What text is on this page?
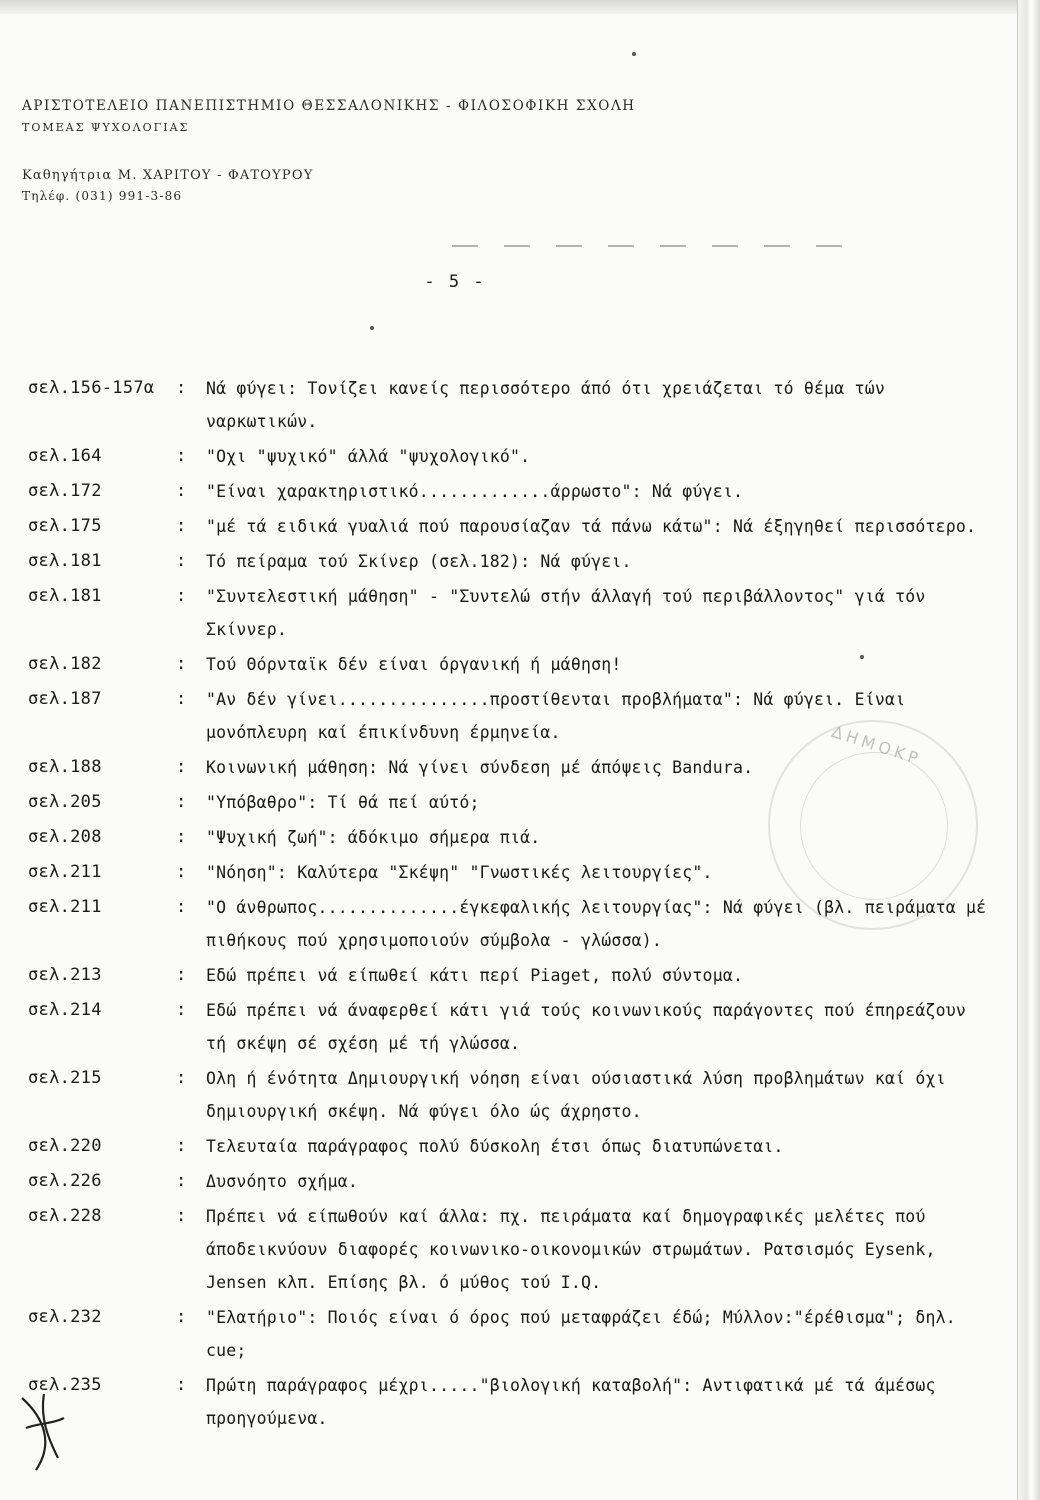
ΑΡΙΣΤΟΤΕΛΕΙΟ ΠΑΝΕΠΙΣΤΗΜΙΟ ΘΕΣΣΑΛΟΝΙΚΗΣ - ΦΙΛΟΣΟΦΙΚΗ ΣΧΟΛΗ
ΤΟΜΕΑΣ ΨΥΧΟΛΟΓΙΑΣ
Καθηγήτρια Μ. ΧΑΡΙΤΟΥ - ΦΑΤΟΥΡΟΥ
Τηλέφ. (031) 991-3-86
- 5 -
ΔΗΜΟΚΡ
σελ.156-157α	:	Νά φύγει: Τονίζει κανείς περισσότερο άπό ότι χρειάζεται τό θέμα τών ναρκωτικών.
σελ.164	:	"Οχι "ψυχικό" άλλά "ψυχολογικό".
σελ.172	:	"Είναι χαρακτηριστικό.............άρρωστο": Νά φύγει.
σελ.175	:	"μέ τά ειδικά γυαλιά πού παρουσίαζαν τά πάνω κάτω": Νά έξηγηθεί περισσότερο.
σελ.181	:	Τό πείραμα τού Σκίνερ (σελ.182): Νά φύγει.
σελ.181	:	"Συντελεστική μάθηση" - "Συντελώ στήν άλλαγή τού περιβάλλοντος" γιά τόν Σκίννερ.
σελ.182	:	Τού Θόρνταϊκ δέν είναι όργανική ή μάθηση!
σελ.187	:	"Αν δέν γίνει...............προστίθενται προβλήματα": Νά φύγει. Είναι μονόπλευρη καί έπικίνδυνη έρμηνεία.
σελ.188	:	Κοινωνική μάθηση: Νά γίνει σύνδεση μέ άπόψεις Bandura.
σελ.205	:	"Υπόβαθρο": Τί θά πεί αύτό;
σελ.208	:	"Ψυχική ζωή": άδόκιμο σήμερα πιά.
σελ.211	:	"Νόηση": Καλύτερα "Σκέψη" "Γνωστικές λειτουργίες".
σελ.211	:	"Ο άνθρωπος..............έγκεφαλικής λειτουργίας": Νά φύγει (βλ. πειράματα μέ πιθήκους πού χρησιμοποιούν σύμβολα - γλώσσα).
σελ.213	:	Εδώ πρέπει νά είπωθεί κάτι περί Piaget, πολύ σύντομα.
σελ.214	:	Εδώ πρέπει νά άναφερθεί κάτι γιά τούς κοινωνικούς παράγοντες πού έπηρεάζουν τή σκέψη σέ σχέση μέ τή γλώσσα.
σελ.215	:	Ολη ή ένότητα Δημιουργική νόηση είναι ούσιαστικά λύση προβλημάτων καί όχι δημιουργική σκέψη. Νά φύγει όλο ώς άχρηστο.
σελ.220	:	Τελευταία παράγραφος πολύ δύσκολη έτσι όπως διατυπώνεται.
σελ.226	:	Δυσνόητο σχήμα.
σελ.228	:	Πρέπει νά είπωθούν καί άλλα: πχ. πειράματα καί δημογραφικές μελέτες πού άποδεικνύουν διαφορές κοινωνικο-οικονομικών στρωμάτων. Ρατσισμός Eysenk, Jensen κλπ. Επίσης βλ. ό μύθος τού I.Q.
σελ.232	:	"Ελατήριο": Ποιός είναι ό όρος πού μεταφράζει έδώ; Μύλλον:"έρέθισμα"; δηλ. cue;
σελ.235	:	Πρώτη παράγραφος μέχρι....."βιολογική καταβολή": Αντιφατικά μέ τά άμέσως προηγούμενα.
